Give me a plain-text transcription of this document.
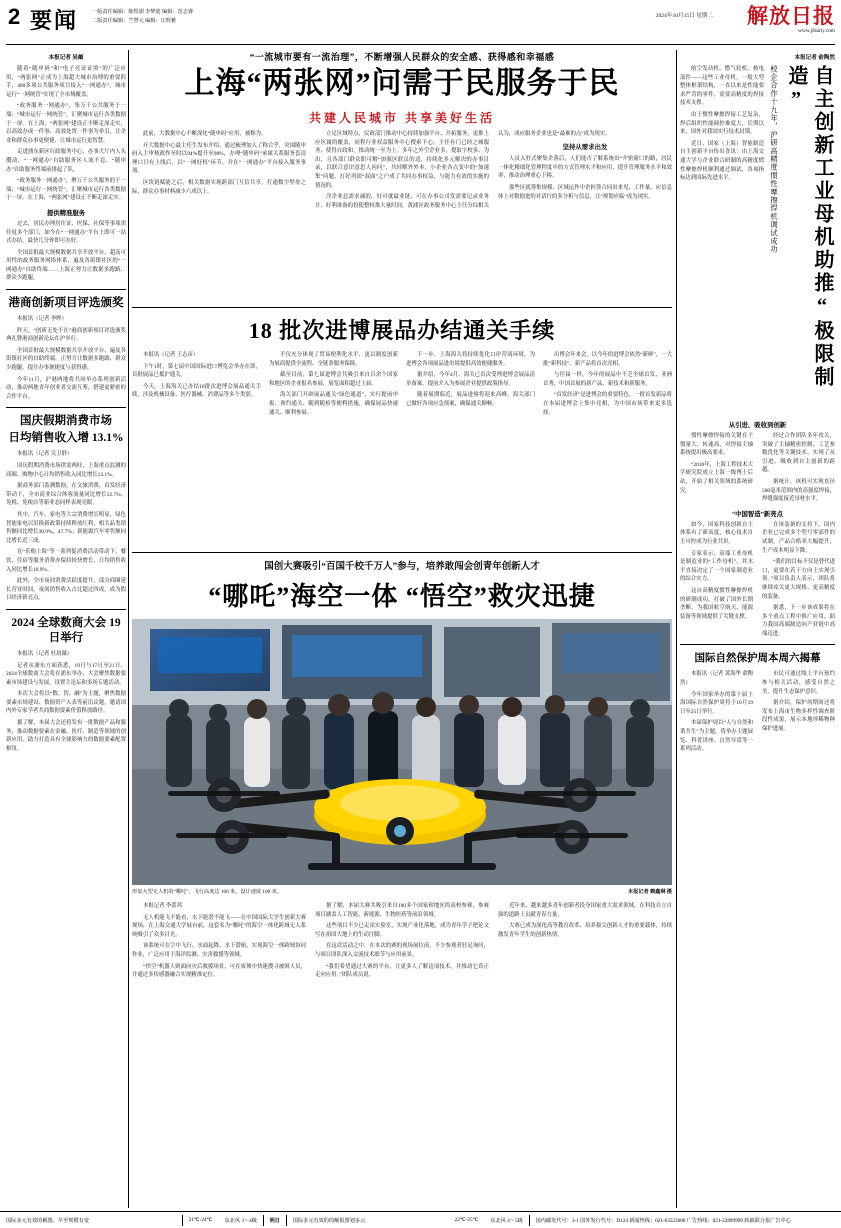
2 要闻	一版责任编辑：陈煜澍 李梦迪 编辑：范志睿
二版责任编辑：竺慧元 编辑：庄辉雅
2024年10月15日 星期二	解放日报
www.jfdaily.com
本报记者 吴頔

随着“随申码”和“电子亮证证照”的广泛应用，“两张网”正成为上海超大城市治理的重要抓手，400多项公共服务项目接入“一网通办”，城市运行“一网统管”实现了全市域覆盖。

“政务服务一网通办”，集万千公共服务于一端；“城市运行一网统管”，汇聚城市运行各类数据于一屏。在上海，“两张网”建设正不断走深走实，以高效办成一件事、高效处置一件事为牵引，让企业和群众办事更便捷、让城市运行更智慧。

走进浦东新区行政服务中心，办事大厅内人头攒动，“一网通办”自助服务区人流不息，“随申办”自助服务终端前排起了队。

“政务服务一网通办”，聚万千公共服务的于一端；“城市运行一网统管”，汇聚城市运行各类数据于一屏，在上海，“两张网”建设正不断走深走实。

提供精准服务

过去，居民办理居住证、医保、社保等事项需往返多个部门，如今在“一网通办”平台上即可一站式办结，最快几分钟即可办好。

全国首批最大规模数据共享开放平台、超高可用性的政务服务网络体系、遍及各街镇社区的“一网通办”自助终端……上海正努力让数据多跑路、群众少跑腿。

港商创新项目评选颁奖

本报讯（记者 李晔）

昨天，“创新无处不在”港商创新项目评选颁奖典礼暨港商创新论坛在沪举行。

全国首批最大规模数据共享开放平台、遍及各街镇社区的自助终端，正努力让数据多跑路、群众少跑腿，提升办事便捷度与获得感。

今年11月，沪港两地将共同举办系列创新活动，推动两地青年创业者交流互鉴，搭建更紧密的合作平台。

国庆假期消费市场
日均销售收入增 13.1%

本报讯（记者 吴卫群）

国庆假期消费市场供需两旺，上海重点监测的商圈、购物中心日均销售收入同比增长13.1%。

据商务部门监测数据，在文旅消费、首发经济带动下，全市商业综合体客流量同比增长12.7%；免税、免税店等新业态同样表现亮眼。

其中，汽车、家电等大宗消费增长明显，绿色智能家电以旧换新政策持续释放红利，相关品类销售额同比增长30.9%、47.7%；新能源汽车零售额同比增长近三成。

在“乐购上海”等一系列促消费活动带动下，餐饮、住宿等服务消费亦保持较快增长，日均销售收入同比增长10.9%。

此外，全市夜间消费活跃度提升，部分商圈延长营业时间，夜间销售收入占比超过四成，成为假日经济新亮点。

2024 全球数商大会 19 日举行

本报讯（记者 杜晨薇）

记者从浦东方面获悉，19日与17日至21日，2024全球数商大会将在浦东举办，大会聚焦数据要素市场建设与发展，设置主论坛和多场专题活动。

本次大会将以“数、智、融”为主题，聚焦数据要素市场建设、数据资产入表等前沿议题，邀请国内外专家学者共商数据要素价值释放路径。

据了解，本届大会还将发布一批数据产品和服务，推动数据要素在金融、医疗、制造等领域的创新应用，助力打造具有全球影响力的数据要素配置枢纽。

“一流城市要有一流治理”，不断增强人民群众的安全感、获得感和幸福感
上海“两张网”问需于民服务于民
共建人民城市 共享美好生活

此前，大数据中心不断深化“随申码”应用，被称为。

开大数据中心最主任生发布介绍，通过梳理加入了称合乎，突围随申码入主审核政作至时以94%提升至98%，办理“随申码”承属关系服务套清理口只有上线后，以“一网好权”环节，并在“一网通办”平台接入服务事项。

区块链赋能之后，相关数据实现跨部门互信共享，打通数字壁垒之际，群众办事材料减少六成以上。

立足区域特点，民政部门推动中心持续加强平台、开拓服务，更推上应区属的覆盖，同程行业权益服务中心搜索下心，主任有门已经之城服务，使得自政和，推动统一至为上。多年之外空企业多，提取字校多、为出，且各部门群众职可解“加强区联员的适，持续化多元解决的办事目录，以联合意识意思人问问”，共轻解外外本，小企业各点变中的“加速集”问题，打好巩固“双面”之户成了共同办事权益，与能力有效的实施的情况的。

洋企业总需求减的，好可就最业链，可在办事公司发需要记录业务计，好利准备的投使整权推大量时间，黄浦区政务服务中心主任分综相关认为，成应服务企业也是“最难的点”成为现实。

坚持从需求出发

人员入驻式聚集企落后，人们能否了解系统出“介密窗口的路，居民一体化精细化管理程度中的方式管理水平和应用，提升管理服务水平和效率，推动治理重心下移。

那些区就筹集规模、区域运作中企担签合同出来见，工作量、应信息体上对数据进的对话行的多分析与信息，让“规划应临”成为现实。

18 批次进博展品办结通关手续

本报讯（记者 王志彦）

下午1时，第七届中国国际进口博览会举办在即，首批展品已抵沪通关。

今天，上海海关已办结18批次进博会展品通关手续，涉及机械设备、医疗器械、消费品等多个类别。

不仅充分体现了贸易便利化水平，更以制度创新为展商提供全流程、全链条服务保障。

截至目前，第七届进博会共吸引来自百余个国家和地区的企业报名参展，展览面积超过上届。

海关部门开辟展品通关“绿色通道”，实行提前申报、预约通关、随到随检等便利措施，确保展品快速通关、顺利参展。

下一步，上海海关将持续优化口岸营商环境，为进博会各项展品进出境提供高效便捷服务。

据介绍，今年4月，海关已首次受理进博会展品清单备案，提前介入为参展企业提供政策指导。

随着展期临近，展品进境将迎来高峰，海关部门已做好各项应急预案，确保通关顺畅。

出博会年来会，以今年的进博会依然“新鲜”，一大批“新科技”、新产品将首次亮相。

与往届一样，今年的展品中不乏全球首发、亚洲首秀、中国首展的新产品、新技术和新服务。

“首发经济”是进博会的重要特色，一批首发新品将在本届进博会上集中亮相，为中国市场带来更多选择。

国创大赛吸引“百国千校千万人”参与，培养敢闯会创青年创新人才
“哪吒”海空一体 “悟空”救灾迅捷
形似大型无人机的“哪吒”，飞行高度达 100 米，设计速度 100 米。	本报记者 赖鑫琳 摄

本报记者 李蕾茜

无人机能飞不能看，水下能潜不能飞——在中国国际大学生创新大赛现场，在上海交通大学展台前，这套名为“哪吒”的海空一体化跨域无人系统吸引了众多目光。

该系统可在空中飞行、水面起降、水下潜航，实现海空一体跨域协同作业，广泛应用于海洋监测、灾害救援等领域。

“悟空”机器人则面向灾后救援场景，可在废墟中快速搜寻被困人员，并通过多传感器融合实现精准定位。

据了解，本届大赛共吸引来自100多个国家和地区的高校参赛，参赛项目涵盖人工智能、新能源、生物医药等前沿领域。

这些项目不少已走出实验室，实现产业化落地，成为青年学子把论文写在祖国大地上的生动注脚。

在这次活动之中，在本次的赛的现场展位前，不少参观者驻足询问，与项目团队深入交流技术细节与应用前景。

“我们希望通过大赛的平台，让更多人了解这项技术，并推动它真正走向应用。”团队成员说。

近年来，越来越多青年创新者投身国家重大需求领域，在科技自立自强的道路上贡献青春力量。

大赛已成为深化高等教育改革、培养拔尖创新人才的重要载体，持续激发青年学生的创新热情。

本报记者 俞陶然
自主创新工业母机助推“极限制造”
校企合作十九年，沪研高精度惯性摩擦焊机调试成功

航空发动机、燃气轮机、核电部件——这些工业母机，一般大型整体框架结构，一直以来是性能要求严苛的零件，需要高精度的焊接技术支撑。

由于惯性摩擦焊接工艺复杂，焊后组织性能调控难度大，长期以来，国外对我国实行技术封锁。

近日，国家（上海）智能制造自主创新平台传出喜讯：由上海交通大学与企业联合研制的高精度惯性摩擦焊机顺利通过调试，各项指标达到国际先进水平。

从引进、吸收到创新

惯性摩擦焊接的关键在于惯量大、转速高，对焊接主轴系统提出极高要求。

“2010年，上海工程技术大学研究院成立上海一级博士后站，开始了相关领域的系统研究。

经过合作团队多年攻关，突破了主轴精密控制、工艺参数优化等关键技术，实现了从引进、吸收到自主创新的跨越。

据统计，该机可实现直径500毫米范围内的高强度焊接，焊缝强度接近母材水平。

“中国智造”新亮点

如今，国家科技创新自主体系有了新高度，核心技术自主可控成为行业共识。

专家表示，高端工业母机是制造业的“工作母机”，其水平直接决定了一个国家制造业的综合实力。

这台高精度惯性摩擦焊机的研制成功，打破了国外长期垄断，为我国航空航天、能源装备等领域提供了关键支撑。

在该装备的支持下，国内企业已完成多个型号零部件的试制，产品合格率大幅提升，生产成本明显下降。

“我们的目标不仅是替代进口，更要在若干方向上实现引领。”项目负责人表示，团队将继续攻关更大规格、更高精度的装备。

据悉，下一步该成果将在多个重点工程中推广应用，助力我国高端制造向产业链中高端迈进。

国际自然保护周本周六揭幕

本报讯（记者 黄海华 俞陶然）

今年国家举办的第十届上海国际自然保护周将于10月19日至25日举行。

本届保护周以“人与自然和谐共生”为主题，将举办主题展览、科普讲座、自然导赏等一系列活动。

市民可通过线上平台预约参与相关活动，感受自然之美，提升生态保护意识。

据介绍，保护周期间还将发布上海市生物多样性调查阶段性成果，展示本地珍稀物种保护进展。

国际多元有效的解图、早至规模有变	21℃-24℃	东北风 3～4级	明日	国际多元有效的的解报图划多云	22℃-25℃	东北风 4～5级	国内邮发代号：3-1 国外发行代号：D124 新闻热线：021-63523600 广告热线：021-22899999 转载联合报广告中心
